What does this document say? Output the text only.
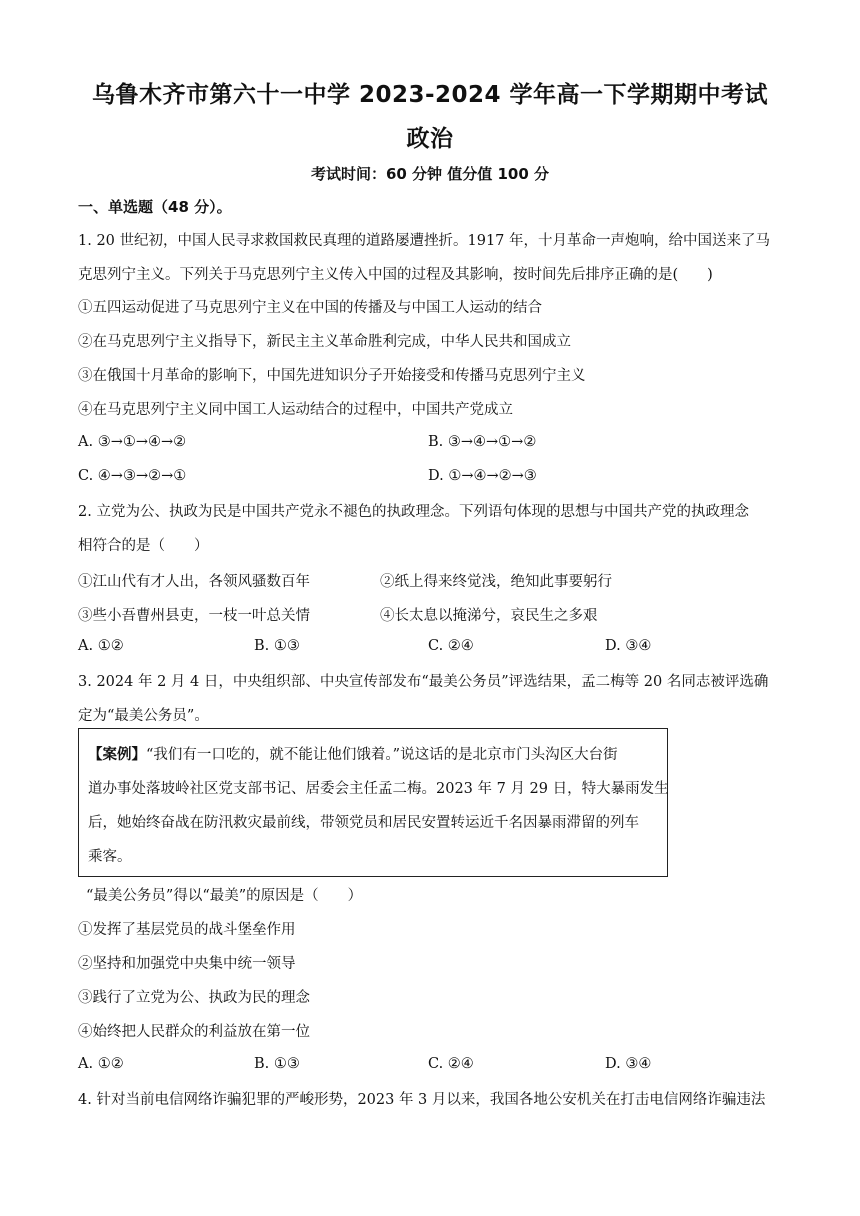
乌鲁木齐市第六十一中学 2023-2024 学年高一下学期期中考试
政治
考试时间：60 分钟 值分值 100 分
一、单选题（48 分）。
1. 20 世纪初，中国人民寻求救国救民真理的道路屡遭挫折。1917 年，十月革命一声炮响，给中国送来了马
克思列宁主义。下列关于马克思列宁主义传入中国的过程及其影响，按时间先后排序正确的是(　　)
①五四运动促进了马克思列宁主义在中国的传播及与中国工人运动的结合
②在马克思列宁主义指导下，新民主主义革命胜利完成，中华人民共和国成立
③在俄国十月革命的影响下，中国先进知识分子开始接受和传播马克思列宁主义
④在马克思列宁主义同中国工人运动结合的过程中，中国共产党成立
A. ③→①→④→②	B. ③→④→①→②
C. ④→③→②→①	D. ①→④→②→③
2. 立党为公、执政为民是中国共产党永不褪色的执政理念。下列语句体现的思想与中国共产党的执政理念
相符合的是（　　）
①江山代有才人出，各领风骚数百年	②纸上得来终觉浅，绝知此事要躬行
③些小吾曹州县吏，一枝一叶总关情	④长太息以掩涕兮，哀民生之多艰
A. ①②	B. ①③	C. ②④	D. ③④
3. 2024 年 2 月 4 日，中央组织部、中央宣传部发布“最美公务员”评选结果，孟二梅等 20 名同志被评选确
定为“最美公务员”。
【案例】“我们有一口吃的，就不能让他们饿着。”说这话的是北京市门头沟区大台街
道办事处落坡岭社区党支部书记、居委会主任孟二梅。2023 年 7 月 29 日，特大暴雨发生
后，她始终奋战在防汛救灾最前线，带领党员和居民安置转运近千名因暴雨滞留的列车
乘客。
“最美公务员”得以“最美”的原因是（　　）
①发挥了基层党员的战斗堡垒作用
②坚持和加强党中央集中统一领导
③践行了立党为公、执政为民的理念
④始终把人民群众的利益放在第一位
A. ①②	B. ①③	C. ②④	D. ③④
4. 针对当前电信网络诈骗犯罪的严峻形势，2023 年 3 月以来，我国各地公安机关在打击电信网络诈骗违法
